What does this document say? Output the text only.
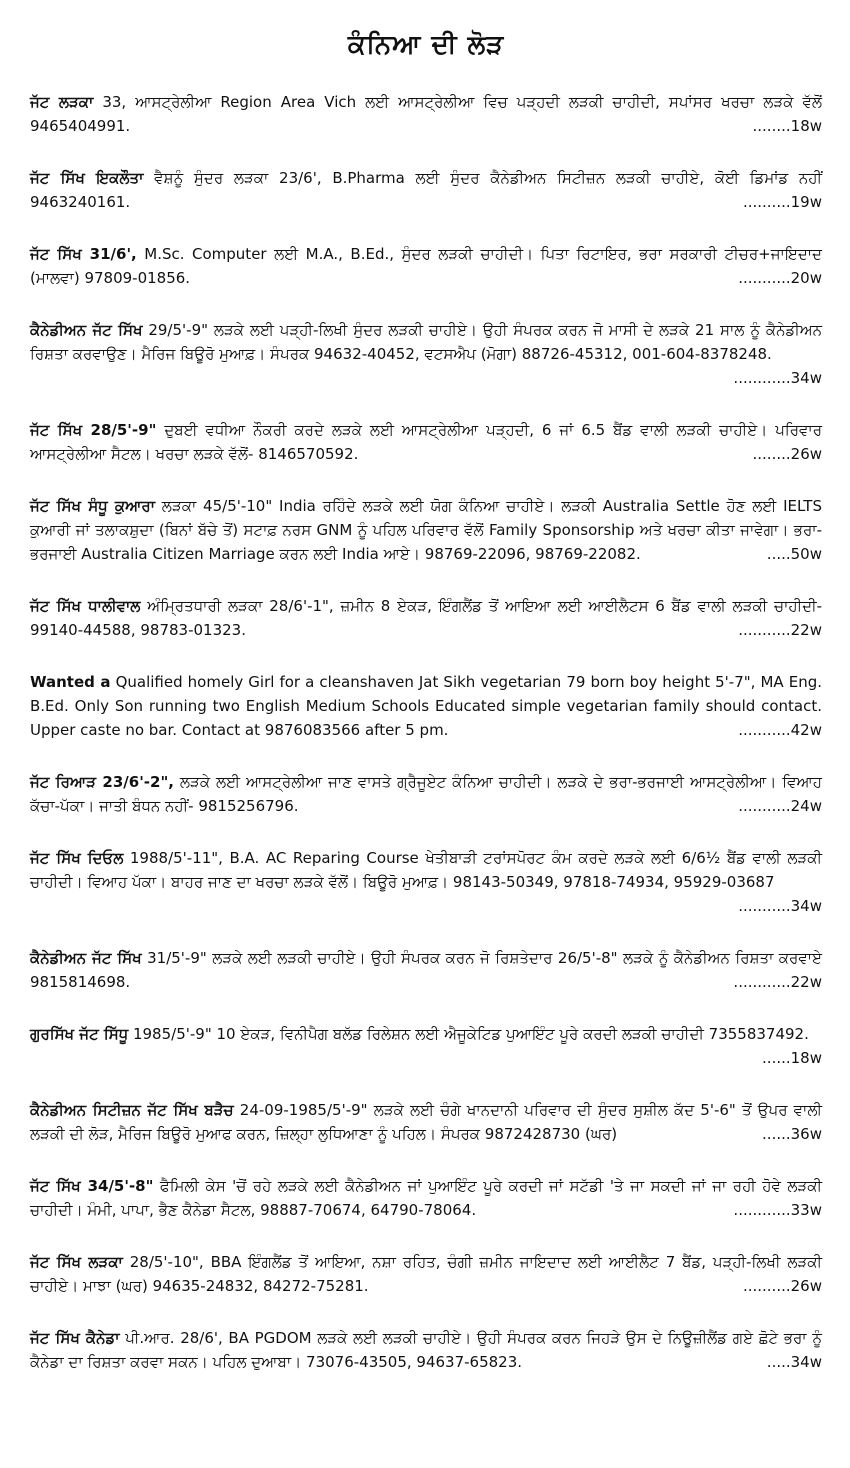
ਕੰਨਿਆ ਦੀ ਲੋੜ
ਜੱਟ ਲੜਕਾ 33, ਆਸਟ੍ਰੇਲੀਆ Region Area Vich ਲਈ ਆਸਟ੍ਰੇਲੀਆ ਵਿਚ ਪੜ੍ਹਦੀ ਲੜਕੀ ਚਾਹੀਦੀ, ਸਪਾਂਸਰ ਖਰਚਾ ਲੜਕੇ ਵੱਲੋਂ 9465404991.	........18w
ਜੱਟ ਸਿੱਖ ਇਕਲੌਤਾ ਵੈਸ਼ਨੂੰ ਸੁੰਦਰ ਲੜਕਾ 23/6', B.Pharma ਲਈ ਸੁੰਦਰ ਕੈਨੇਡੀਅਨ ਸਿਟੀਜ਼ਨ ਲੜਕੀ ਚਾਹੀਏ, ਕੋਈ ਡਿਮਾਂਡ ਨਹੀਂ 9463240161.	..........19w
ਜੱਟ ਸਿੱਖ 31/6', M.Sc. Computer ਲਈ M.A., B.Ed., ਸੁੰਦਰ ਲੜਕੀ ਚਾਹੀਦੀ। ਪਿਤਾ ਰਿਟਾਇਰ, ਭਰਾ ਸਰਕਾਰੀ ਟੀਚਰ+ਜਾਇਦਾਦ (ਮਾਲਵਾ) 97809-01856.	...........20w
ਕੈਨੇਡੀਅਨ ਜੱਟ ਸਿੱਖ 29/5'-9" ਲੜਕੇ ਲਈ ਪੜ੍ਹੀ-ਲਿਖੀ ਸੁੰਦਰ ਲੜਕੀ ਚਾਹੀਏ। ਉਹੀ ਸੰਪਰਕ ਕਰਨ ਜੋ ਮਾਸੀ ਦੇ ਲੜਕੇ 21 ਸਾਲ ਨੂੰ ਕੈਨੇਡੀਅਨ ਰਿਸ਼ਤਾ ਕਰਵਾਉਣ। ਮੈਰਿਜ ਬਿਊਰੋ ਮੁਆਫ਼। ਸੰਪਰਕ 94632-40452, ਵਟਸਐਪ (ਮੋਗਾ) 88726-45312, 001-604-8378248.
............34w
ਜੱਟ ਸਿੱਖ 28/5'-9" ਦੁਬਈ ਵਧੀਆ ਨੌਕਰੀ ਕਰਦੇ ਲੜਕੇ ਲਈ ਆਸਟ੍ਰੇਲੀਆ ਪੜ੍ਹਦੀ, 6 ਜਾਂ 6.5 ਬੈਂਡ ਵਾਲੀ ਲੜਕੀ ਚਾਹੀਏ। ਪਰਿਵਾਰ ਆਸਟ੍ਰੇਲੀਆ ਸੈਟਲ। ਖਰਚਾ ਲੜਕੇ ਵੱਲੋਂ- 8146570592.	........26w
ਜੱਟ ਸਿੱਖ ਸੰਧੂ ਕੁਆਰਾ ਲੜਕਾ 45/5'-10" India ਰਹਿੰਦੇ ਲੜਕੇ ਲਈ ਯੋਗ ਕੰਨਿਆ ਚਾਹੀਏ। ਲੜਕੀ Australia Settle ਹੋਣ ਲਈ IELTS ਕੁਆਰੀ ਜਾਂ ਤਲਾਕਸ਼ੁਦਾ (ਬਿਨਾਂ ਬੱਚੇ ਤੋਂ) ਸਟਾਫ਼ ਨਰਸ GNM ਨੂੰ ਪਹਿਲ ਪਰਿਵਾਰ ਵੱਲੋਂ Family Sponsorship ਅਤੇ ਖਰਚਾ ਕੀਤਾ ਜਾਵੇਗਾ। ਭਰਾ-ਭਰਜਾਈ Australia Citizen Marriage ਕਰਨ ਲਈ India ਆਏ। 98769-22096, 98769-22082.	.....50w
ਜੱਟ ਸਿੱਖ ਧਾਲੀਵਾਲ ਅੰਮ੍ਰਿਤਧਾਰੀ ਲੜਕਾ 28/6'-1", ਜ਼ਮੀਨ 8 ਏਕੜ, ਇੰਗਲੈਂਡ ਤੋਂ ਆਇਆ ਲਈ ਆਈਲੈਟਸ 6 ਬੈਂਡ ਵਾਲੀ ਲੜਕੀ ਚਾਹੀਦੀ- 99140-44588, 98783-01323.	...........22w
Wanted a Qualified homely Girl for a cleanshaven Jat Sikh vegetarian 79 born boy height 5'-7", MA Eng. B.Ed. Only Son running two English Medium Schools Educated simple vegetarian family should contact. Upper caste no bar. Contact at 9876083566 after 5 pm.	...........42w
ਜੱਟ ਰਿਆੜ 23/6'-2", ਲੜਕੇ ਲਈ ਆਸਟ੍ਰੇਲੀਆ ਜਾਣ ਵਾਸਤੇ ਗ੍ਰੈਜੂਏਟ ਕੰਨਿਆ ਚਾਹੀਦੀ। ਲੜਕੇ ਦੇ ਭਰਾ-ਭਰਜਾਈ ਆਸਟ੍ਰੇਲੀਆ। ਵਿਆਹ ਕੱਚਾ-ਪੱਕਾ। ਜਾਤੀ ਬੰਧਨ ਨਹੀਂ- 9815256796.	...........24w
ਜੱਟ ਸਿੱਖ ਦਿਓਲ 1988/5'-11", B.A. AC Reparing Course ਖੇਤੀਬਾੜੀ ਟਰਾਂਸਪੋਰਟ ਕੰਮ ਕਰਦੇ ਲੜਕੇ ਲਈ 6/6½ ਬੈਂਡ ਵਾਲੀ ਲੜਕੀ ਚਾਹੀਦੀ। ਵਿਆਹ ਪੱਕਾ। ਬਾਹਰ ਜਾਣ ਦਾ ਖਰਚਾ ਲੜਕੇ ਵੱਲੋਂ। ਬਿਊਰੋ ਮੁਆਫ਼। 98143-50349, 97818-74934, 95929-03687
...........34w
ਕੈਨੇਡੀਅਨ ਜੱਟ ਸਿੱਖ 31/5'-9" ਲੜਕੇ ਲਈ ਲੜਕੀ ਚਾਹੀਏ। ਉਹੀ ਸੰਪਰਕ ਕਰਨ ਜੋ ਰਿਸ਼ਤੇਦਾਰ 26/5'-8" ਲੜਕੇ ਨੂੰ ਕੈਨੇਡੀਅਨ ਰਿਸ਼ਤਾ ਕਰਵਾਏ 9815814698.	............22w
ਗੁਰਸਿੱਖ ਜੱਟ ਸਿੱਧੂ 1985/5'-9" 10 ਏਕੜ, ਵਿਨੀਪੈਗ ਬਲੱਡ ਰਿਲੇਸ਼ਨ ਲਈ ਐਜੂਕੇਟਿਡ ਪੁਆਇੰਟ ਪੂਰੇ ਕਰਦੀ ਲੜਕੀ ਚਾਹੀਦੀ 7355837492.
......18w
ਕੈਨੇਡੀਅਨ ਸਿਟੀਜ਼ਨ ਜੱਟ ਸਿੱਖ ਬੜੈਚ 24-09-1985/5'-9" ਲੜਕੇ ਲਈ ਚੰਗੇ ਖਾਨਦਾਨੀ ਪਰਿਵਾਰ ਦੀ ਸੁੰਦਰ ਸੁਸ਼ੀਲ ਕੱਦ 5'-6" ਤੋਂ ਉਪਰ ਵਾਲੀ ਲੜਕੀ ਦੀ ਲੋੜ, ਮੈਰਿਜ ਬਿਊਰੋ ਮੁਆਫ ਕਰਨ, ਜ਼ਿਲ੍ਹਾ ਲੁਧਿਆਣਾ ਨੂੰ ਪਹਿਲ। ਸੰਪਰਕ 9872428730 (ਘਰ)	......36w
ਜੱਟ ਸਿੱਖ 34/5'-8" ਫੈਮਿਲੀ ਕੇਸ 'ਚੋਂ ਰਹੇ ਲੜਕੇ ਲਈ ਕੈਨੇਡੀਅਨ ਜਾਂ ਪੁਆਇੰਟ ਪੂਰੇ ਕਰਦੀ ਜਾਂ ਸਟੱਡੀ 'ਤੇ ਜਾ ਸਕਦੀ ਜਾਂ ਜਾ ਰਹੀ ਹੋਵੇ ਲੜਕੀ ਚਾਹੀਦੀ। ਮੰਮੀ, ਪਾਪਾ, ਭੈਣ ਕੈਨੇਡਾ ਸੈਟਲ, 98887-70674, 64790-78064.	............33w
ਜੱਟ ਸਿੱਖ ਲੜਕਾ 28/5'-10", BBA ਇੰਗਲੈਂਡ ਤੋਂ ਆਇਆ, ਨਸ਼ਾ ਰਹਿਤ, ਚੰਗੀ ਜ਼ਮੀਨ ਜਾਇਦਾਦ ਲਈ ਆਈਲੈਟ 7 ਬੈਂਡ, ਪੜ੍ਹੀ-ਲਿਖੀ ਲੜਕੀ ਚਾਹੀਏ। ਮਾਝਾ (ਘਰ) 94635-24832, 84272-75281.	..........26w
ਜੱਟ ਸਿੱਖ ਕੈਨੇਡਾ ਪੀ.ਆਰ. 28/6', BA PGDOM ਲੜਕੇ ਲਈ ਲੜਕੀ ਚਾਹੀਏ। ਉਹੀ ਸੰਪਰਕ ਕਰਨ ਜਿਹੜੇ ਉਸ ਦੇ ਨਿਊਜ਼ੀਲੈਂਡ ਗਏ ਛੋਟੇ ਭਰਾ ਨੂੰ ਕੈਨੇਡਾ ਦਾ ਰਿਸ਼ਤਾ ਕਰਵਾ ਸਕਨ। ਪਹਿਲ ਦੁਆਬਾ। 73076-43505, 94637-65823.	.....34w
